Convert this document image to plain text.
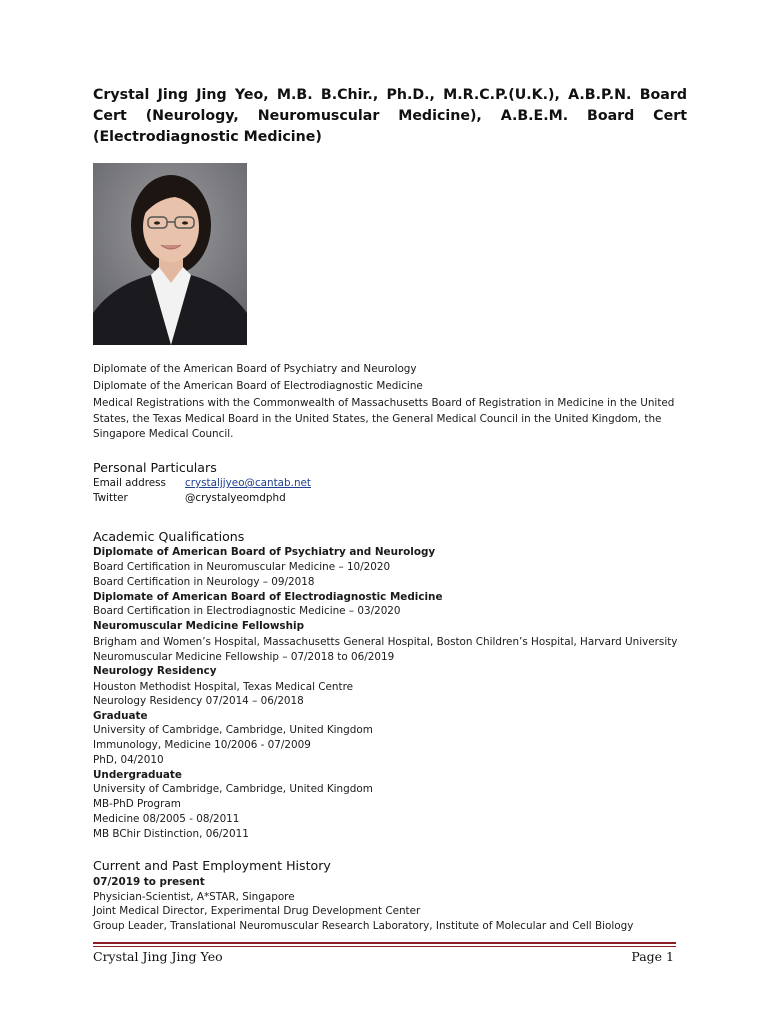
Crystal Jing Jing Yeo, M.B. B.Chir., Ph.D., M.R.C.P.(U.K.), A.B.P.N. Board Cert (Neurology, Neuromuscular Medicine), A.B.E.M. Board Cert (Electrodiagnostic Medicine)
Diplomate of the American Board of Psychiatry and Neurology
Diplomate of the American Board of Electrodiagnostic Medicine
Medical Registrations with the Commonwealth of Massachusetts Board of Registration in Medicine in the United States, the Texas Medical Board in the United States, the General Medical Council in the United Kingdom, the Singapore Medical Council.
Personal Particulars
Email address crystaljjyeo@cantab.net
Twitter	@crystalyeomdphd
Academic Qualifications
Diplomate of American Board of Psychiatry and Neurology
Board Certification in Neuromuscular Medicine – 10/2020
Board Certification in Neurology – 09/2018
Diplomate of American Board of Electrodiagnostic Medicine
Board Certification in Electrodiagnostic Medicine – 03/2020
Neuromuscular Medicine Fellowship
Brigham and Women’s Hospital, Massachusetts General Hospital, Boston Children’s Hospital, Harvard University
Neuromuscular Medicine Fellowship – 07/2018 to 06/2019
Neurology Residency
Houston Methodist Hospital, Texas Medical Centre
Neurology Residency 07/2014 – 06/2018
Graduate
University of Cambridge, Cambridge, United Kingdom
Immunology, Medicine 10/2006 - 07/2009
PhD, 04/2010
Undergraduate
University of Cambridge, Cambridge, United Kingdom
MB-PhD Program
Medicine 08/2005 - 08/2011
MB BChir Distinction, 06/2011
Current and Past Employment History
07/2019 to present
Physician-Scientist, A*STAR, Singapore
Joint Medical Director, Experimental Drug Development Center
Group Leader, Translational Neuromuscular Research Laboratory, Institute of Molecular and Cell Biology
Crystal Jing Jing Yeo	Page 1
